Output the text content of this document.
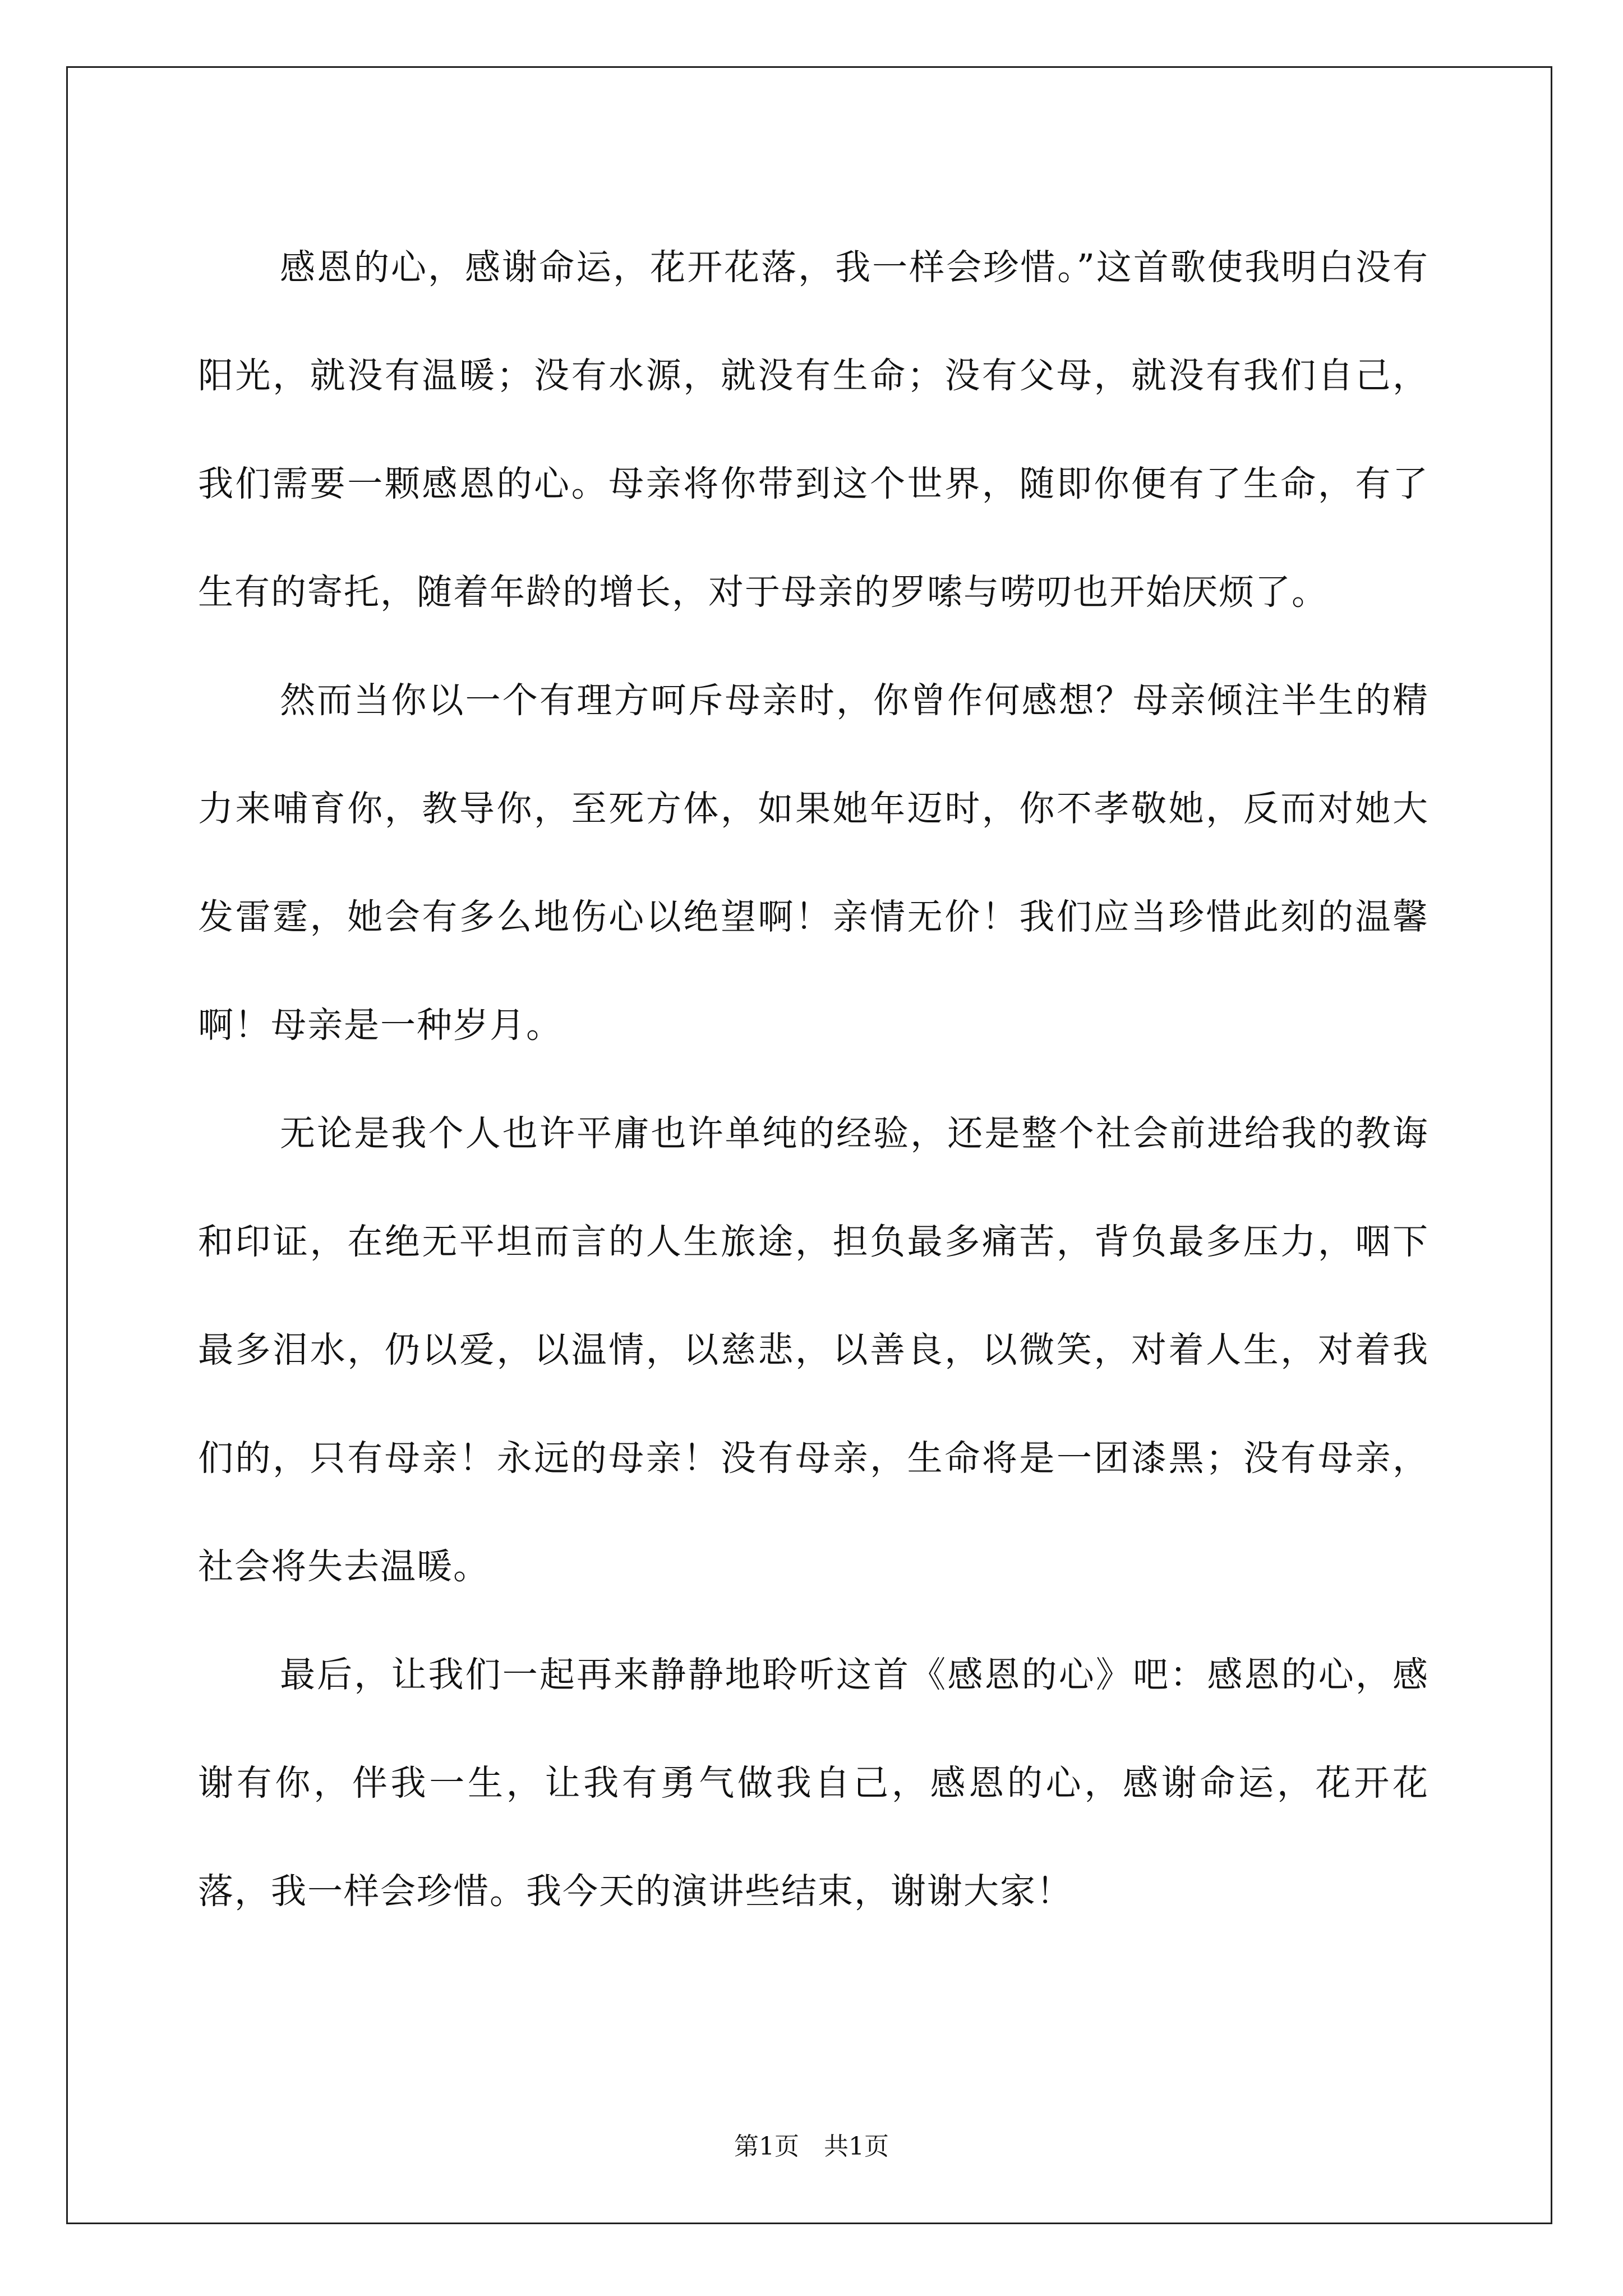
感恩的心，感谢命运，花开花落，我一样会珍惜。”这首歌使我明白没有阳光，就没有温暖；没有水源，就没有生命；没有父母，就没有我们自己，我们需要一颗感恩的心。母亲将你带到这个世界，随即你便有了生命，有了生有的寄托，随着年龄的增长，对于母亲的罗嗦与唠叨也开始厌烦了。

然而当你以一个有理方呵斥母亲时，你曾作何感想？母亲倾注半生的精力来哺育你，教导你，至死方体，如果她年迈时，你不孝敬她，反而对她大发雷霆，她会有多么地伤心以绝望啊！亲情无价！我们应当珍惜此刻的温馨啊！母亲是一种岁月。

无论是我个人也许平庸也许单纯的经验，还是整个社会前进给我的教诲和印证，在绝无平坦而言的人生旅途，担负最多痛苦，背负最多压力，咽下最多泪水，仍以爱，以温情，以慈悲，以善良，以微笑，对着人生，对着我们的，只有母亲！永远的母亲！没有母亲，生命将是一团漆黑；没有母亲，社会将失去温暖。

最后，让我们一起再来静静地聆听这首《感恩的心》吧：感恩的心，感谢有你，伴我一生，让我有勇气做我自己，感恩的心，感谢命运，花开花落，我一样会珍惜。我今天的演讲些结束，谢谢大家！

第1页 共1页
